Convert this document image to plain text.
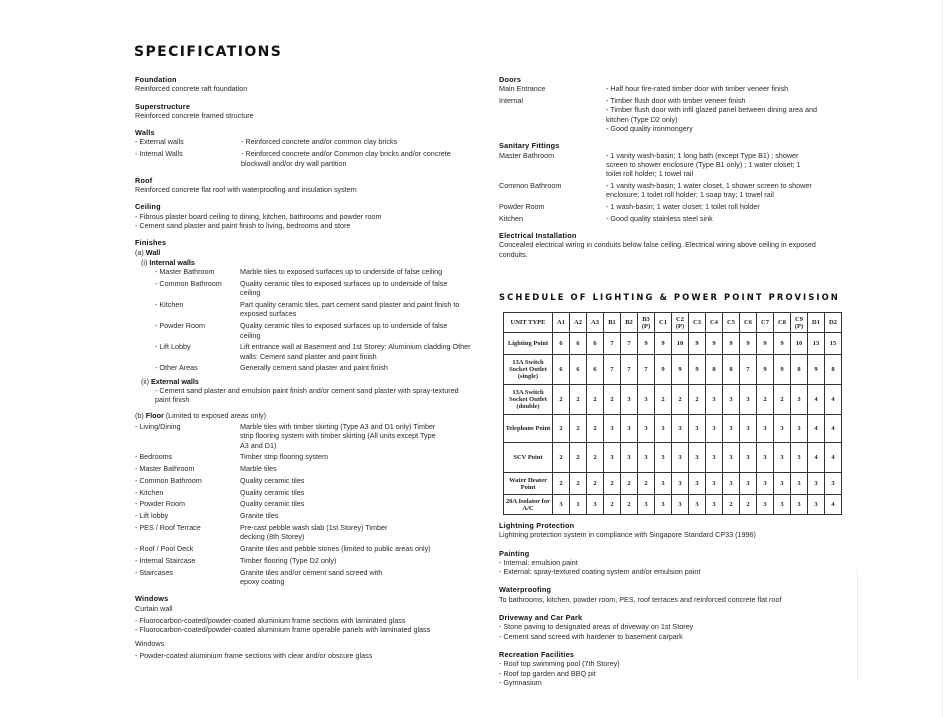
SPECIFICATIONS
Foundation
Reinforced concrete raft foundation
Superstructure
Reinforced concrete framed structure
Walls
- External walls	- Reinforced concrete and/or common clay bricks
- Internal Walls	- Reinforced concrete and/or Common clay bricks and/or concrete blockwall and/or dry wall partition
Roof
Reinforced concrete flat roof with waterproofing and insulation system
Ceiling
- Fibrous plaster board ceiling to dining, kitchen, bathrooms and powder room
- Cement sand plaster and paint finish to living, bedrooms and store
Finishes
(a) Wall
(i) Internal walls
- Master Bathroom	Marble tiles to exposed surfaces up to underside of false ceiling
- Common Bathroom	Quality ceramic tiles to exposed surfaces up to underside of false ceiling
- Kitchen	Part quality ceramic tiles, part cement sand plaster and paint finish to exposed surfaces
- Powder Room	Quality ceramic tiles to exposed surfaces up to underside of false ceiling
- Lift Lobby	Lift entrance wall at Basement and 1st Storey: Aluminium cladding Other walls: Cement sand plaster and paint finish
- Other Areas	Generally cement sand plaster and paint finish
(ii) External walls
- Cement sand plaster and emulsion paint finish and/or cement sand plaster with spray-textured paint finish
(b) Floor (Limited to exposed areas only)
- Living/Dining	Marble tiles with timber skirting (Type A3 and D1 only) Timber strip flooring system with timber skirting (All units except Type A3 and D1)
- Bedrooms	Timber strip flooring system
- Master Bathroom	Marble tiles
- Common Bathroom	Quality ceramic tiles
- Kitchen	Quality ceramic tiles
- Powder Room	Quality ceramic tiles
- Lift lobby	Granite tiles
- PES / Roof Terrace	Pre-cast pebble wash slab (1st Storey) Timber decking (8th Storey)
- Roof / Pool Deck	Granite tiles and pebble stones (limited to public areas only)
- Internal Staircase	Timber flooring (Type D2 only)
- Staircases	Granite tiles and/or cement sand screed with epoxy coating
Windows
Curtain wall
- Fluorocarbon-coated/powder-coated aluminium frame sections with laminated glass
- Fluorocarbon-coated/powder-coated aluminium frame operable panels with laminated glass
Windows
- Powder-coated aluminium frame sections with clear and/or obscure glass
Doors
Main Entrance	- Half hour fire-rated timber door with timber veneer finish
Internal	- Timber flush door with timber veneer finish
- Timber flush door with infil glazed panel between dining area and kitchen (Type D2 only)
- Good quality ironmongery
Sanitary Fittings
Master Bathroom	- 1 vanity wash-basin; 1 long bath (except Type B1) ; shower screen to shower enclosure (Type B1 only) ; 1 water closet; 1 toilet roll holder; 1 towel rail
Common Bathroom	- 1 vanity wash-basin; 1 water closet, 1 shower screen to shower enclosure; 1 toilet roll holder; 1 soap tray; 1 towel rail
Powder Room	- 1 wash-basin; 1 water closet; 1 toilet roll holder
Kitchen	- Good quality stainless steel sink
Electrical Installation
Concealed electrical wiring in conduits below false ceiling. Electrical wiring above ceiling in exposed conduits.
SCHEDULE OF LIGHTING & POWER POINT PROVISION
UNIT TYPE	A1	A2	A3	B1	B2	B3 (P)	C1	C2 (P)	C3	C4	C5	C6	C7	C8	C9 (P)	D1	D2
Lighting Point	6	6	6	7	7	9	9	10	9	9	9	9	9	9	10	13	15
13A Switch Socket Outlet (single)	6	6	6	7	7	7	9	9	9	8	8	7	9	9	8	9	8
13A Switch Socket Outlet (double)	2	2	2	2	3	3	2	2	2	3	3	3	2	2	3	4	4
Telephone Point	2	2	2	3	3	3	3	3	3	3	3	3	3	3	3	4	4
SCV Point	2	2	2	3	3	3	3	3	3	3	3	3	3	3	3	4	4
Water Heater Point	2	2	2	2	2	2	3	3	3	3	3	3	3	3	3	3	3
20A Isolator for A/C	3	1	3	2	2	3	3	3	3	3	2	2	3	3	3	3	4
Lightning Protection
Lightning protection system in compliance with Singapore Standard CP33 (1996)
Painting
- Internal: emulsion paint
- External: spray-textured coating system and/or emulsion paint
Waterproofing
To bathrooms, kitchen, powder room, PES, roof terraces and reinforced concrete flat roof
Driveway and Car Park
- Stone paving to designated areas of driveway on 1st Storey
- Cement sand screed with hardener to basement carpark
Recreation Facilities
- Roof top swimming pool (7th Storey)
- Roof top garden and BBQ pit
- Gymnasium
